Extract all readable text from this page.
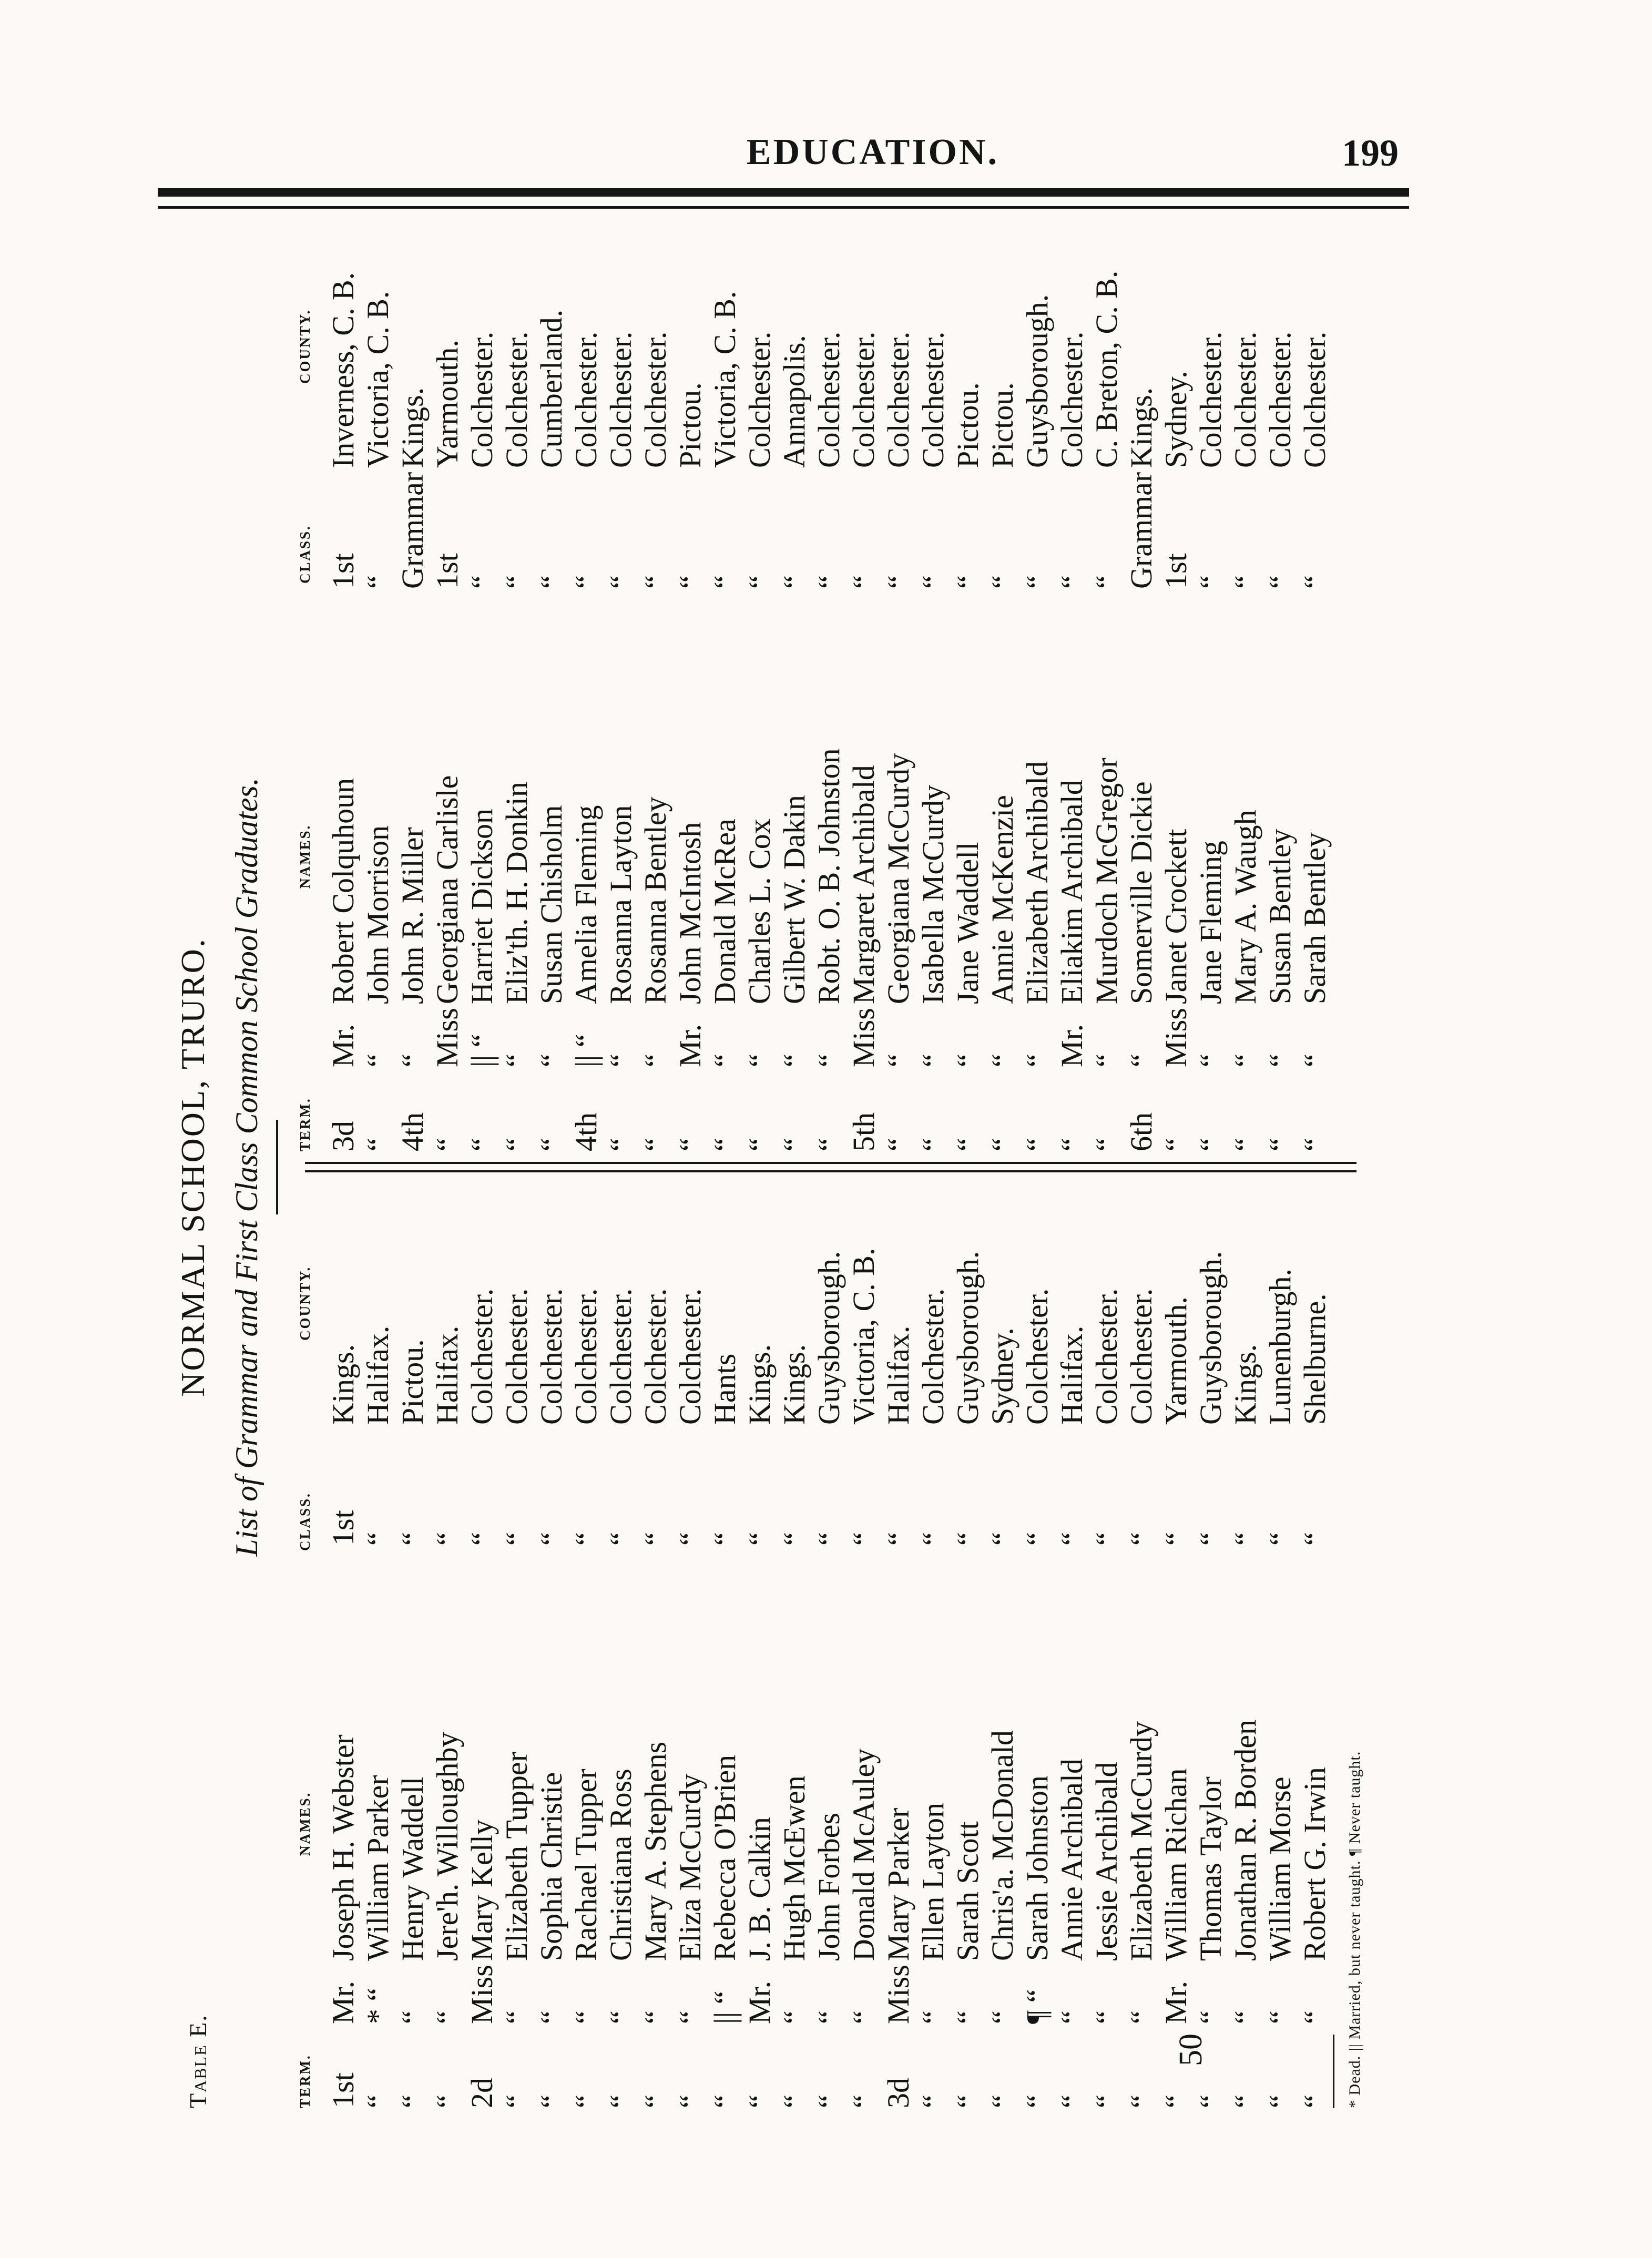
EDUCATION.	199
Table E.
NORMAL SCHOOL, TRURO. List of Grammar and First Class Common School Graduates.
TERM.
NAMES.
CLASS.
COUNTY.
TERM.
NAMES.
CLASS.
COUNTY.
1st
Mr.
Joseph H. Webster
1st
Kings.
“
* “
William Parker
“
Halifax.
“
“
Henry Waddell
“
Pictou.
“
“
Jere'h. Willoughby
“
Halifax.
2d
Miss
Mary Kelly
“
Colchester.
“
“
Elizabeth Tupper
“
Colchester.
“
“
Sophia Christie
“
Colchester.
“
“
Rachael Tupper
“
Colchester.
“
“
Christiana Ross
“
Colchester.
“
“
Mary A. Stephens
“
Colchester.
“
“
Eliza McCurdy
“
Colchester.
“
|| “
Rebecca O'Brien
“
Hants
“
Mr.
J. B. Calkin
“
Kings.
“
“
Hugh McEwen
“
Kings.
“
“
John Forbes
“
Guysborough.
“
“
Donald McAuley
“
Victoria, C. B.
3d
Miss
Mary Parker
“
Halifax.
“
“
Ellen Layton
“
Colchester.
“
“
Sarah Scott
“
Guysborough.
“
“
Chris'a. McDonald
“
Sydney.
“
¶ “
Sarah Johnston
“
Colchester.
“
“
Annie Archibald
“
Halifax.
“
“
Jessie Archibald
“
Colchester.
“
“
Elizabeth McCurdy
“
Colchester.
“
Mr.
William Richan
“
Yarmouth.
“
“
Thomas Taylor
“
Guysborough.
“
“
Jonathan R. Borden
“
Kings.
“
“
William Morse
“
Lunenburgh.
“
“
Robert G. Irwin
“
Shelburne.
3d
Mr.
Robert Colquhoun
1st
Inverness, C. B.
“
“
John Morrison
“
Victoria, C. B.
4th
“
John R. Miller
Grammar
Kings.
“
Miss
Georgiana Carlisle
1st
Yarmouth.
“
|| “
Harriet Dickson
“
Colchester.
“
“
Eliz'th. H. Donkin
“
Colchester.
“
“
Susan Chisholm
“
Cumberland.
4th
|| “
Amelia Fleming
“
Colchester.
“
“
Rosanna Layton
“
Colchester.
“
“
Rosanna Bentley
“
Colchester.
“
Mr.
John McIntosh
“
Pictou.
“
“
Donald McRea
“
Victoria, C. B.
“
“
Charles L. Cox
“
Colchester.
“
“
Gilbert W. Dakin
“
Annapolis.
“
“
Robt. O. B. Johnston
“
Colchester.
5th
Miss
Margaret Archibald
“
Colchester.
“
“
Georgiana McCurdy
“
Colchester.
“
“
Isabella McCurdy
“
Colchester.
“
“
Jane Waddell
“
Pictou.
“
“
Annie McKenzie
“
Pictou.
“
“
Elizabeth Archibald
“
Guysborough.
“
Mr.
Eliakim Archibald
“
Colchester.
“
“
Murdoch McGregor
“
C. Breton, C. B.
6th
“
Somerville Dickie
Grammar
Kings.
“
Miss
Janet Crockett
1st
Sydney.
“
“
Jane Fleming
“
Colchester.
“
“
Mary A. Waugh
“
Colchester.
“
“
Susan Bentley
“
Colchester.
“
“
Sarah Bentley
“
Colchester.
* Dead. || Married, but never taught. ¶ Never taught.
50
